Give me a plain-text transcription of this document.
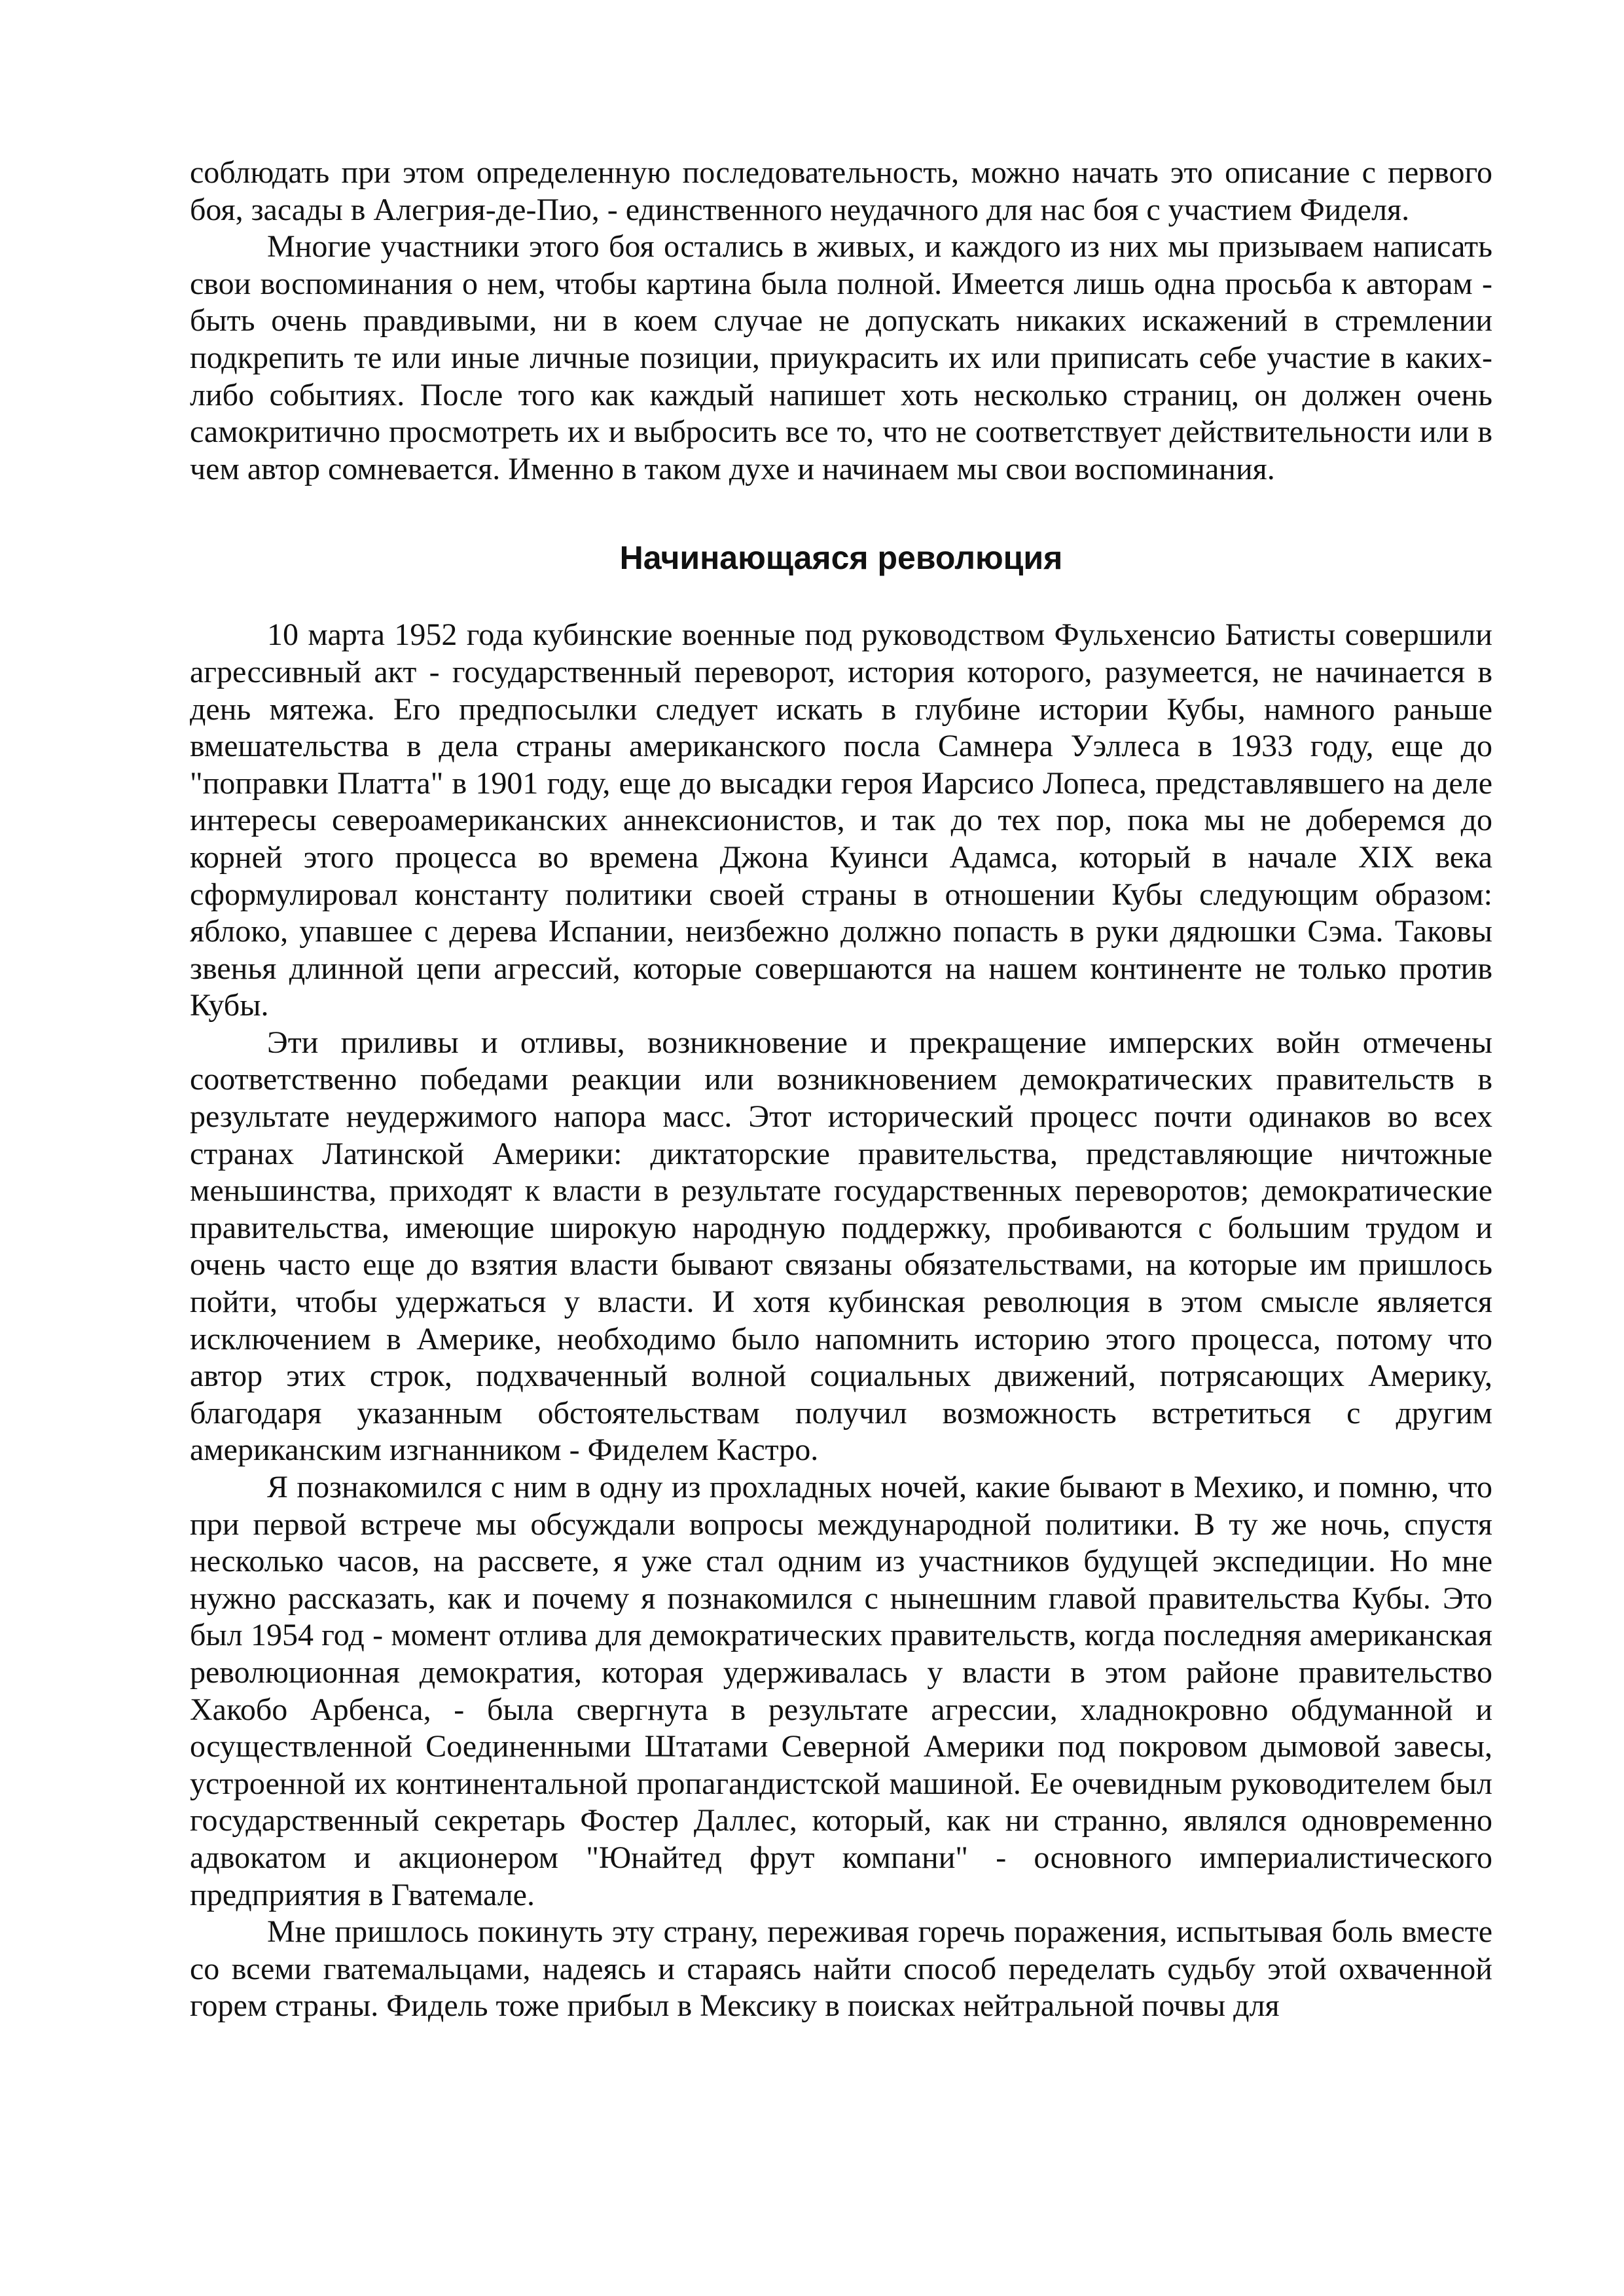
соблюдать при этом определенную последовательность, можно начать это описание с первого боя, засады в Алегрия-де-Пио, - единственного неудачного для нас боя с участием Фиделя.

Многие участники этого боя остались в живых, и каждого из них мы призываем написать свои воспоминания о нем, чтобы картина была полной. Имеется лишь одна просьба к авторам - быть очень правдивыми, ни в коем случае не допускать никаких искажений в стремлении подкрепить те или иные личные позиции, приукрасить их или приписать себе участие в каких-либо событиях. После того как каждый напишет хоть несколько страниц, он должен очень самокритично просмотреть их и выбросить все то, что не соответствует действительности или в чем автор сомневается. Именно в таком духе и начинаем мы свои воспоминания.

Начинающаяся революция

10 марта 1952 года кубинские военные под руководством Фульхенсио Батисты совершили агрессивный акт - государственный переворот, история которого, разумеется, не начинается в день мятежа. Его предпосылки следует искать в глубине истории Кубы, намного раньше вмешательства в дела страны американского посла Самнера Уэллеса в 1933 году, еще до "поправки Платта" в 1901 году, еще до высадки героя Иарсисо Лопеса, представлявшего на деле интересы североамериканских аннексионистов, и так до тех пор, пока мы не доберемся до корней этого процесса во времена Джона Куинси Адамса, который в начале XIX века сформулировал константу политики своей страны в отношении Кубы следующим образом: яблоко, упавшее с дерева Испании, неизбежно должно попасть в руки дядюшки Сэма. Таковы звенья длинной цепи агрессий, которые совершаются на нашем континенте не только против Кубы.

Эти приливы и отливы, возникновение и прекращение имперских войн отмечены соответственно победами реакции или возникновением демократических правительств в результате неудержимого напора масс. Этот исторический процесс почти одинаков во всех странах Латинской Америки: диктаторские правительства, представляющие ничтожные меньшинства, приходят к власти в результате государственных переворотов; демократические правительства, имеющие широкую народную поддержку, пробиваются с большим трудом и очень часто еще до взятия власти бывают связаны обязательствами, на которые им пришлось пойти, чтобы удержаться у власти. И хотя кубинская революция в этом смысле является исключением в Америке, необходимо было напомнить историю этого процесса, потому что автор этих строк, подхваченный волной социальных движений, потрясающих Америку, благодаря указанным обстоятельствам получил возможность встретиться с другим американским изгнанником - Фиделем Кастро.

Я познакомился с ним в одну из прохладных ночей, какие бывают в Мехико, и помню, что при первой встрече мы обсуждали вопросы международной политики. В ту же ночь, спустя несколько часов, на рассвете, я уже стал одним из участников будущей экспедиции. Но мне нужно рассказать, как и почему я познакомился с нынешним главой правительства Кубы. Это был 1954 год - момент отлива для демократических правительств, когда последняя американская революционная демократия, которая удерживалась у власти в этом районе правительство Хакобо Арбенса, - была свергнута в результате агрессии, хладнокровно обдуманной и осуществленной Соединенными Штатами Северной Америки под покровом дымовой завесы, устроенной их континентальной пропагандистской машиной. Ее очевидным руководителем был государственный секретарь Фостер Даллес, который, как ни странно, являлся одновременно адвокатом и акционером "Юнайтед фрут компани" - основного империалистического предприятия в Гватемале.

Мне пришлось покинуть эту страну, переживая горечь поражения, испытывая боль вместе со всеми гватемальцами, надеясь и стараясь найти способ переделать судьбу этой охваченной горем страны. Фидель тоже прибыл в Мексику в поисках нейтральной почвы для
